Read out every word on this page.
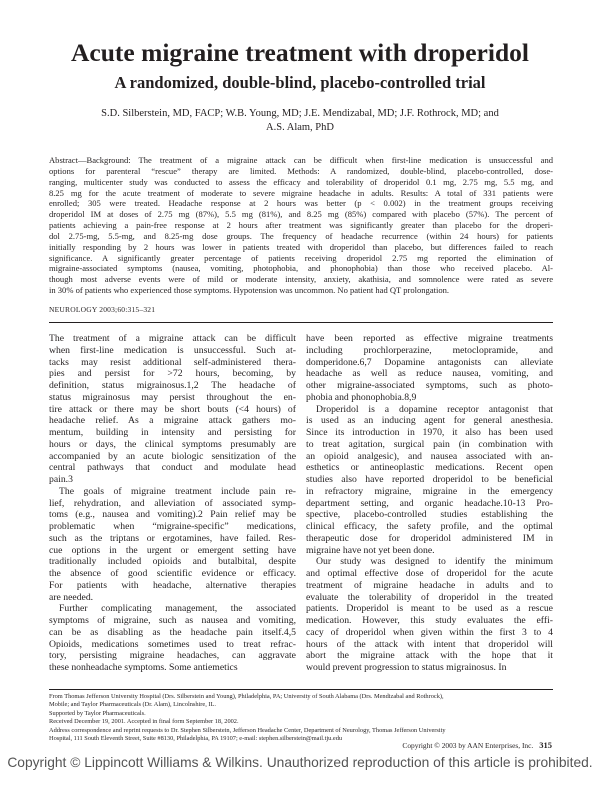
Acute migraine treatment with droperidol
A randomized, double-blind, placebo-controlled trial
S.D. Silberstein, MD, FACP; W.B. Young, MD; J.E. Mendizabal, MD; J.F. Rothrock, MD; and
A.S. Alam, PhD
Abstract—Background: The treatment of a migraine attack can be difficult when first-line medication is unsuccessful and
options for parenteral “rescue” therapy are limited. Methods: A randomized, double-blind, placebo-controlled, dose-
ranging, multicenter study was conducted to assess the efficacy and tolerability of droperidol 0.1 mg, 2.75 mg, 5.5 mg, and
8.25 mg for the acute treatment of moderate to severe migraine headache in adults. Results: A total of 331 patients were
enrolled; 305 were treated. Headache response at 2 hours was better (p < 0.002) in the treatment groups receiving
droperidol IM at doses of 2.75 mg (87%), 5.5 mg (81%), and 8.25 mg (85%) compared with placebo (57%). The percent of
patients achieving a pain-free response at 2 hours after treatment was significantly greater than placebo for the droperi-
dol 2.75-mg, 5.5-mg, and 8.25-mg dose groups. The frequency of headache recurrence (within 24 hours) for patients
initially responding by 2 hours was lower in patients treated with droperidol than placebo, but differences failed to reach
significance. A significantly greater percentage of patients receiving droperidol 2.75 mg reported the elimination of
migraine-associated symptoms (nausea, vomiting, photophobia, and phonophobia) than those who received placebo. Al-
though most adverse events were of mild or moderate intensity, anxiety, akathisia, and somnolence were rated as severe
in 30% of patients who experienced those symptoms. Hypotension was uncommon. No patient had QT prolongation.
NEUROLOGY 2003;60:315–321
The treatment of a migraine attack can be difficult
when first-line medication is unsuccessful. Such at-
tacks may resist additional self-administered thera-
pies and persist for >72 hours, becoming, by
definition, status migrainosus.1,2 The headache of
status migrainosus may persist throughout the en-
tire attack or there may be short bouts (<4 hours) of
headache relief. As a migraine attack gathers mo-
mentum, building in intensity and persisting for
hours or days, the clinical symptoms presumably are
accompanied by an acute biologic sensitization of the
central pathways that conduct and modulate head
pain.3
The goals of migraine treatment include pain re-
lief, rehydration, and alleviation of associated symp-
toms (e.g., nausea and vomiting).2 Pain relief may be
problematic when “migraine-specific” medications,
such as the triptans or ergotamines, have failed. Res-
cue options in the urgent or emergent setting have
traditionally included opioids and butalbital, despite
the absence of good scientific evidence or efficacy.
For patients with headache, alternative therapies
are needed.
Further complicating management, the associated
symptoms of migraine, such as nausea and vomiting,
can be as disabling as the headache pain itself.4,5
Opioids, medications sometimes used to treat refrac-
tory, persisting migraine headaches, can aggravate
these nonheadache symptoms. Some antiemetics
have been reported as effective migraine treatments
including prochlorperazine, metoclopramide, and
domperidone.6,7 Dopamine antagonists can alleviate
headache as well as reduce nausea, vomiting, and
other migraine-associated symptoms, such as photo-
phobia and phonophobia.8,9
Droperidol is a dopamine receptor antagonist that
is used as an inducing agent for general anesthesia.
Since its introduction in 1970, it also has been used
to treat agitation, surgical pain (in combination with
an opioid analgesic), and nausea associated with an-
esthetics or antineoplastic medications. Recent open
studies also have reported droperidol to be beneficial
in refractory migraine, migraine in the emergency
department setting, and organic headache.10-13 Pro-
spective, placebo-controlled studies establishing the
clinical efficacy, the safety profile, and the optimal
therapeutic dose for droperidol administered IM in
migraine have not yet been done.
Our study was designed to identify the minimum
and optimal effective dose of droperidol for the acute
treatment of migraine headache in adults and to
evaluate the tolerability of droperidol in the treated
patients. Droperidol is meant to be used as a rescue
medication. However, this study evaluates the effi-
cacy of droperidol when given within the first 3 to 4
hours of the attack with intent that droperidol will
abort the migraine attack with the hope that it
would prevent progression to status migrainosus. In
From Thomas Jefferson University Hospital (Drs. Silberstein and Young), Philadelphia, PA; University of South Alabama (Drs. Mendizabal and Rothrock),
Mobile; and Taylor Pharmaceuticals (Dr. Alam), Lincolnshire, IL.
Supported by Taylor Pharmaceuticals.
Received December 19, 2001. Accepted in final form September 18, 2002.
Address correspondence and reprint requests to Dr. Stephen Silberstein, Jefferson Headache Center, Department of Neurology, Thomas Jefferson University
Hospital, 111 South Eleventh Street, Suite #8130, Philadelphia, PA 19107; e-mail: stephen.silberstein@mail.tju.edu
Copyright © 2003 by AAN Enterprises, Inc. 315
Copyright © Lippincott Williams & Wilkins. Unauthorized reproduction of this article is prohibited.
